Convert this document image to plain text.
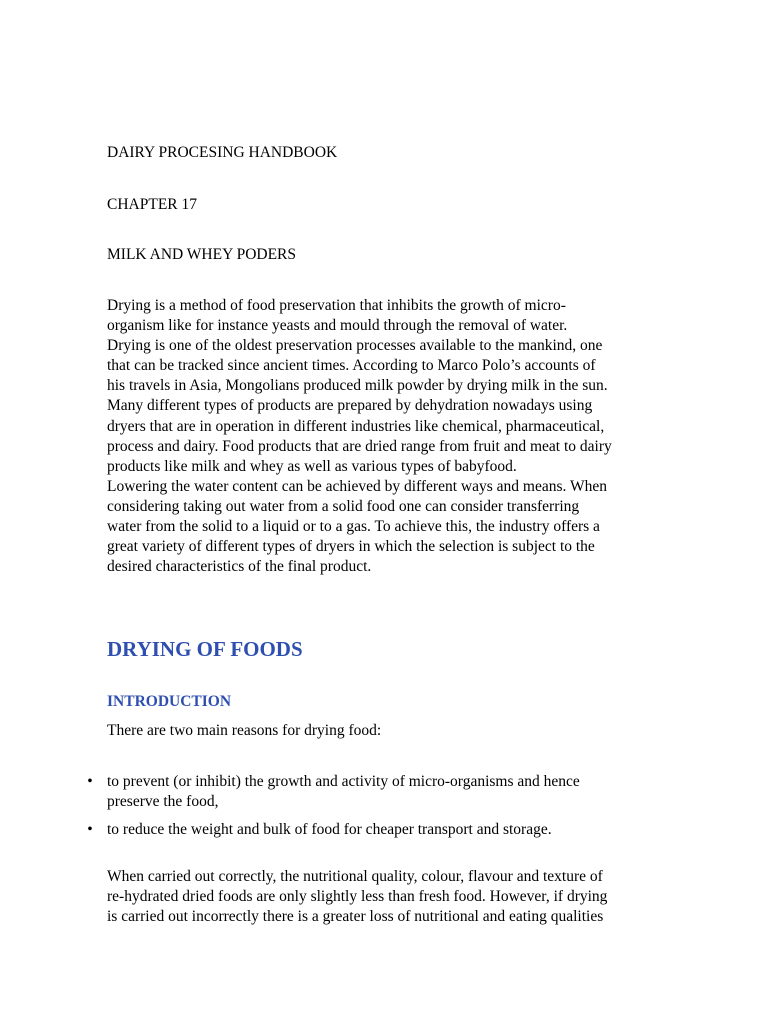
DAIRY PROCESING HANDBOOK
CHAPTER 17
MILK AND WHEY PODERS

Drying is a method of food preservation that inhibits the growth of micro-
organism like for instance yeasts and mould through the removal of water.
Drying is one of the oldest preservation processes available to the mankind, one
that can be tracked since ancient times. According to Marco Polo’s accounts of
his travels in Asia, Mongolians produced milk powder by drying milk in the sun.
Many different types of products are prepared by dehydration nowadays using
dryers that are in operation in different industries like chemical, pharmaceutical,
process and dairy. Food products that are dried range from fruit and meat to dairy
products like milk and whey as well as various types of babyfood.
Lowering the water content can be achieved by different ways and means. When
considering taking out water from a solid food one can consider transferring
water from the solid to a liquid or to a gas. To achieve this, the industry offers a
great variety of different types of dryers in which the selection is subject to the
desired characteristics of the final product.

DRYING OF FOODS
INTRODUCTION
There are two main reasons for drying food:
• to prevent (or inhibit) the growth and activity of micro-organisms and hence
preserve the food,
• to reduce the weight and bulk of food for cheaper transport and storage.

When carried out correctly, the nutritional quality, colour, flavour and texture of
re-hydrated dried foods are only slightly less than fresh food. However, if drying
is carried out incorrectly there is a greater loss of nutritional and eating qualities
